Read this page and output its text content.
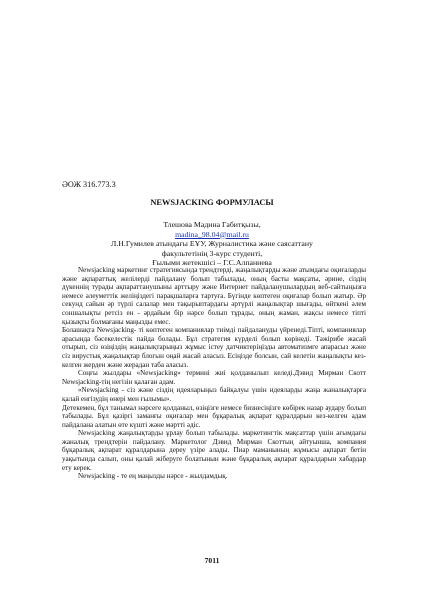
ӘОЖ 316.773.3
NEWSJACKING ФОРМУЛАСЫ
Тлешова Мадина Габитқызы,
madina_98.04@mail.ru
Л.Н.Гумилев атындағы ЕҰУ, Журналистика және саясаттану
факультетінің 3-курс студенті,
Ғылыми жетекшісі – Г.С.Алпаниева

Newsjacking маркетинг стратегиясында трендтерді, жаңалықтарды және атымдағы оқиғаларды және ақпараттық желілерді пайдалану болып табылады, оның басты мақсаты, әрине, сіздің дүкеннің турады ақпараттанушыны арттыру және Интернет пайдаланушылардың веб-сайтыңызға немесе әлеуметтік желіңіздегі парақшаларға тартуға. Бүгінде көптеген оқиғалар болып жатыр. Әр секунд сайын әр түрлі салалар мен тақырыптардағы әртүрлі жаңалықтар шығады, өйткені әлем соншалықты ретсіз ен - әрдайым бір нәрсе болып тұрады, оның жаман, жақсы немесе тіпті қызықты болмағаны маңызды емес.

Болашақта Newsjacking- ті көптеген компаниялар тиімді пайдалануды үйренеді.Тіпті, компаниялар арасында бәсекелестік пайда болады. Бұл стратегия күрделі болып көрінеді. Тәжірибе жасай отырып, сіз өзіңіздің жаңалықтарыңыз жұмыс істеу датчиктеріңізды автоматизмге апарасыз және сіз вирустық жаңалықтар блогын оңай жасай аласыз. Есіңізде болсын, сай келетін жаңалықты кез-келген жерден және жерадан таба аласыз.

Соңғы жылдары «Newsjacking» термині жиі қолданылып келеді.Дэвид Мирман Скотт Newsjacking-тің негізін қалаған адам.

«Newsjacking - сіз және сіздің идеяларыңыз байқалуы үшін идеяларды жаңа жаналықтарға қалай енгізудің өнері мен ғылымы».

Детекемен, бұл танымал нәрсеге қолданыл, өзіңізге немесе бизнесіңізге көбірек назар аудару болып табылады. Бұл қазіргі заманғы оқиғалар мен бұқаралық ақпарат құралдарын кез-келген адам пайдалана алатын өте күшті және мәртті әдіс.

Newsjacking жаңалықтарды ұрлау болып табылады. маркетингтік мақсаттар үшін ағымдағы жаналық трендтерін пайдалану. Маркетолог Дэвид Мирман Скоттың айтуынша, компания бұқаралық ақпарат құралдарына дереу үзіре алады. Пиар маманының жұмысы ақпарат бетін уақытында салып, оны қалай жіберуге болатынын және бұқаралық ақпарат құралдарын хабардар ету керек.

Newsjacking - те ең маңызды нәрсе - жылдамдық.

7011
